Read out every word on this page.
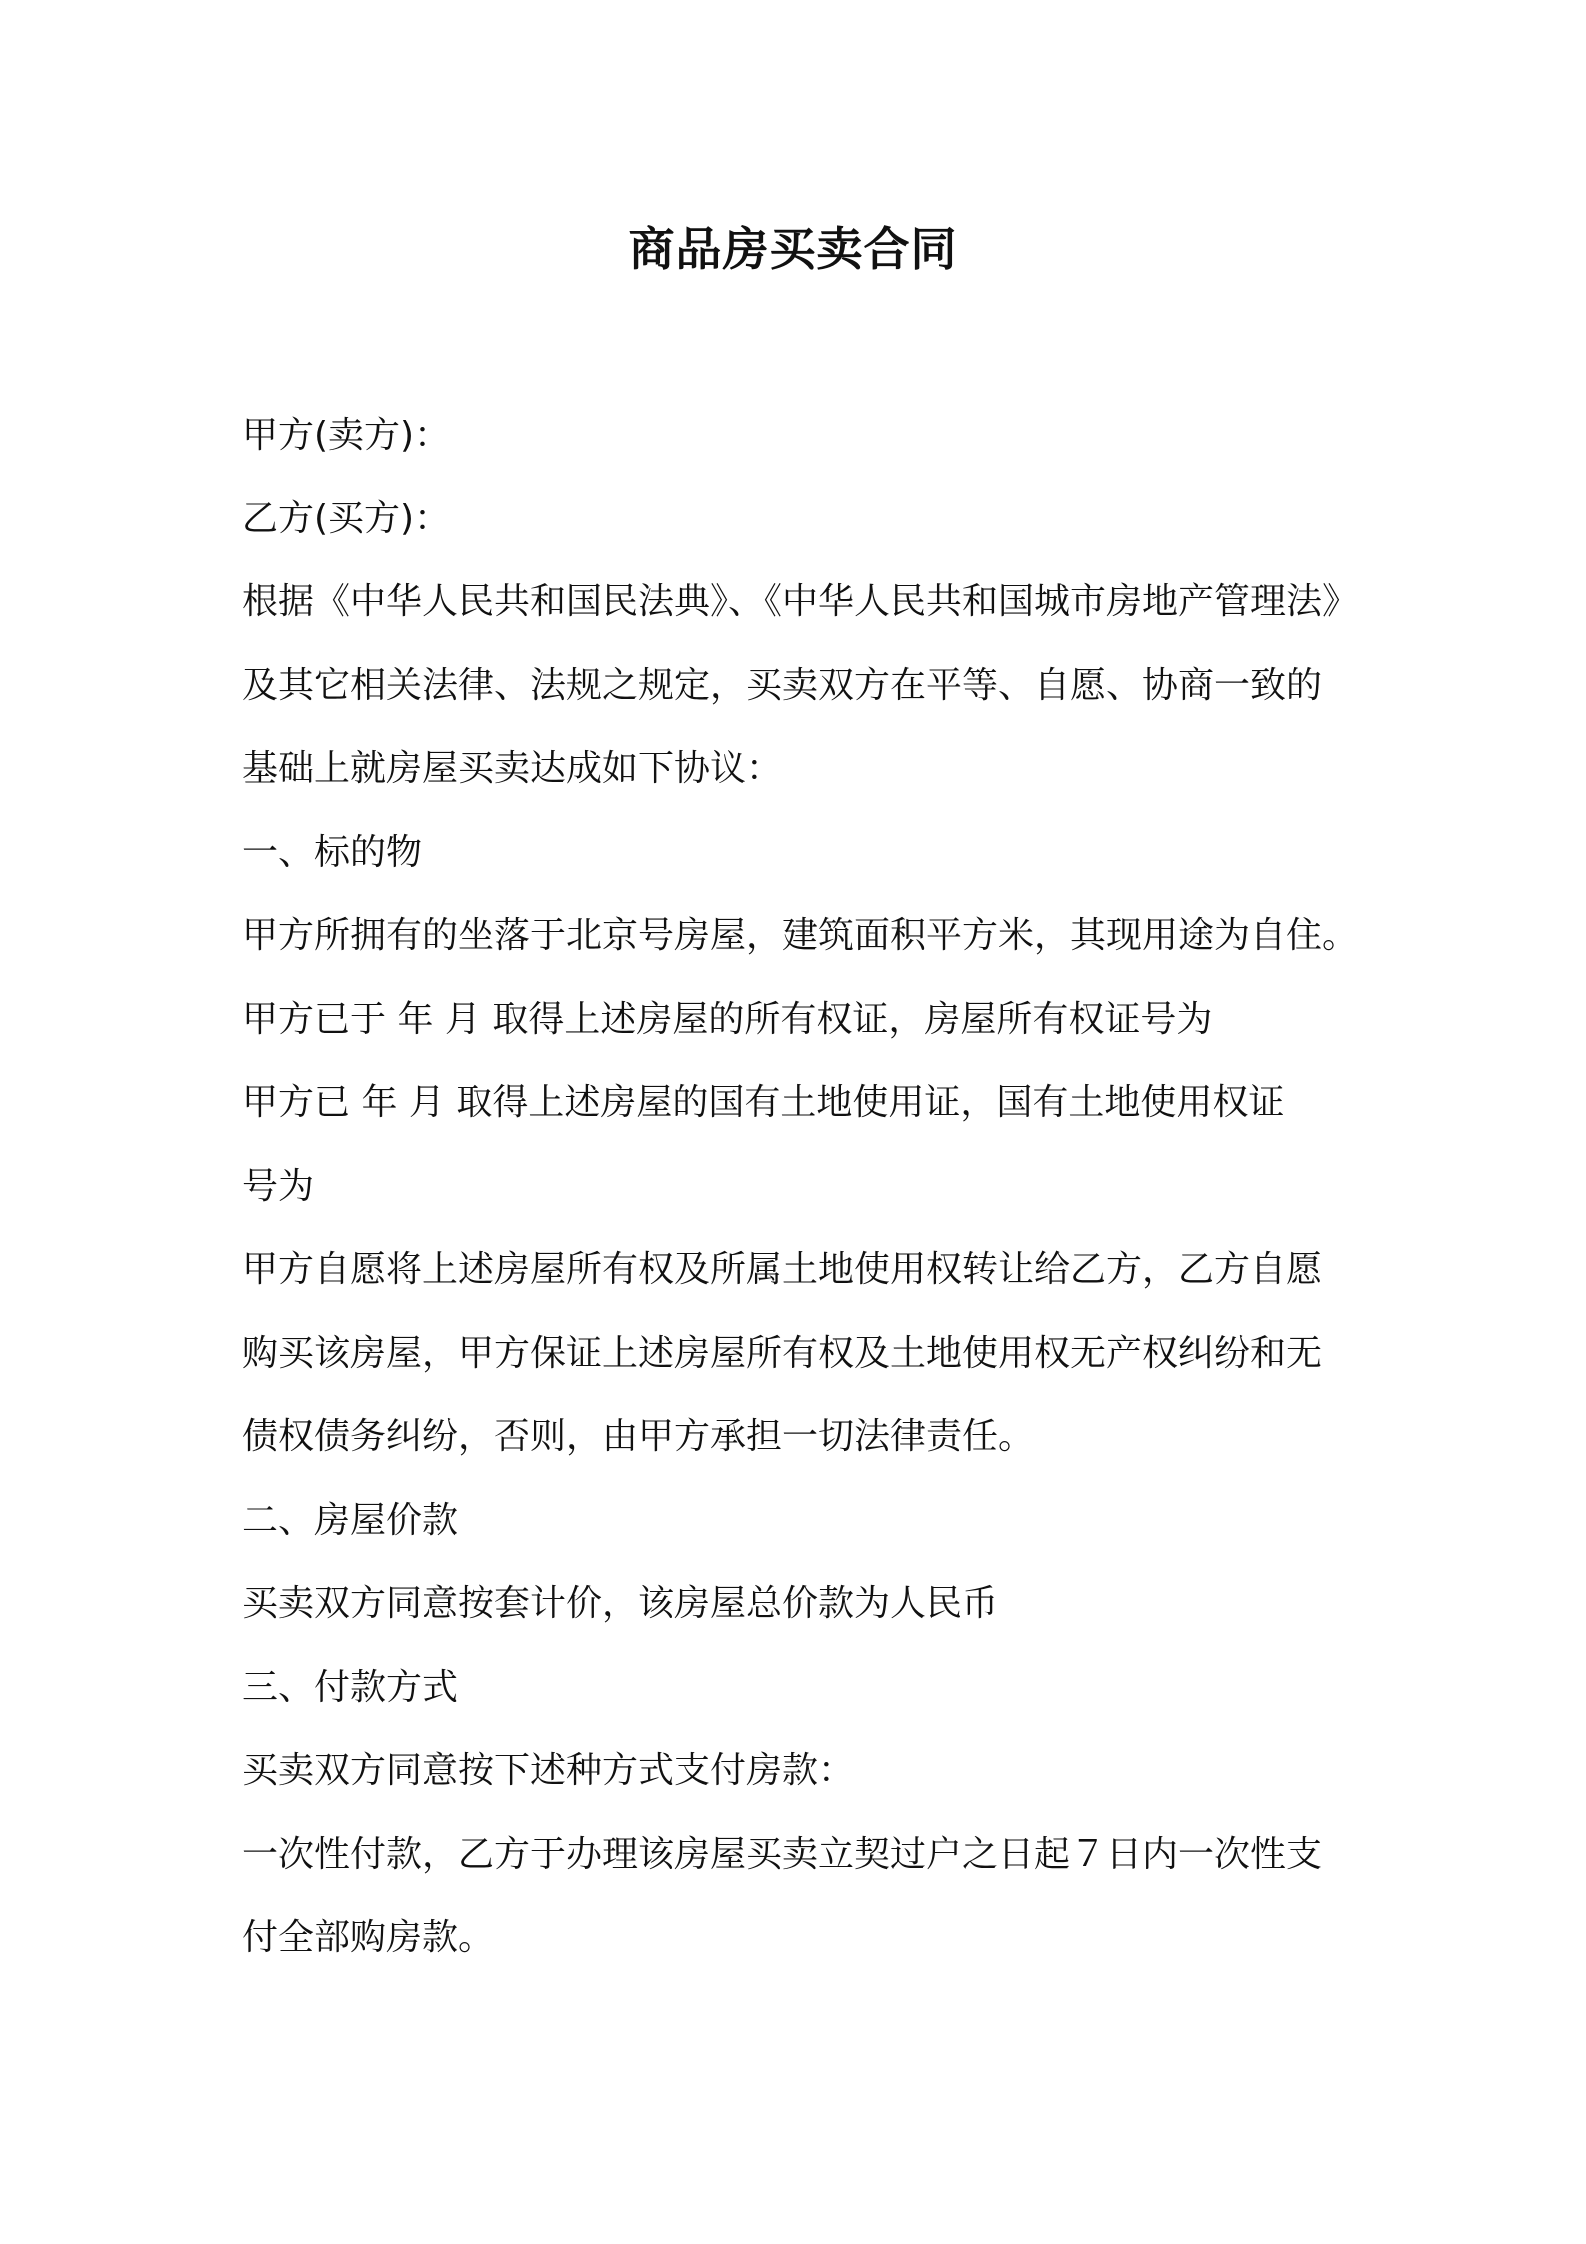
商品房买卖合同
甲方(卖方)：
乙方(买方)：
根据《中华人民共和国民法典》、《中华人民共和国城市房地产管理法》
及其它相关法律、法规之规定，买卖双方在平等、自愿、协商一致的
基础上就房屋买卖达成如下协议：
一、标的物
甲方所拥有的坐落于北京号房屋，建筑面积平方米，其现用途为自住。
甲方已于 年 月 取得上述房屋的所有权证，房屋所有权证号为
甲方已 年 月 取得上述房屋的国有土地使用证，国有土地使用权证
号为
甲方自愿将上述房屋所有权及所属土地使用权转让给乙方，乙方自愿
购买该房屋，甲方保证上述房屋所有权及土地使用权无产权纠纷和无
债权债务纠纷，否则，由甲方承担一切法律责任。
二、房屋价款
买卖双方同意按套计价，该房屋总价款为人民币
三、付款方式
买卖双方同意按下述种方式支付房款：
一次性付款，乙方于办理该房屋买卖立契过户之日起７日内一次性支
付全部购房款。
